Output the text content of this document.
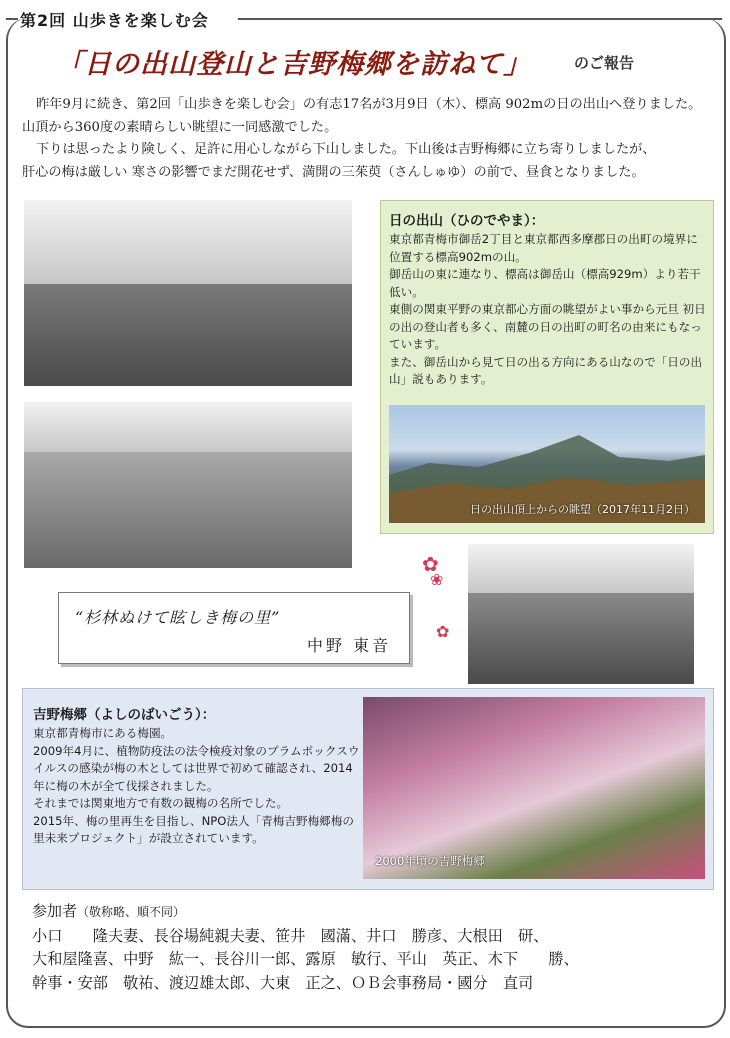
第2回 山歩きを楽しむ会
「日の出山登山と吉野梅郷を訪ねて」	のご報告

昨年9月に続き、第2回「山歩きを楽しむ会」の有志17名が3月9日（木）、標高 902mの日の出山へ登りました。

山頂から360度の素晴らしい眺望に一同感激でした。

下りは思ったより険しく、足許に用心しながら下山しました。下山後は吉野梅郷に立ち寄りしましたが、

肝心の梅は厳しい 寒さの影響でまだ開花せず、満開の三茱萸（さんしゅゆ）の前で、昼食となりました。

日の出山（ひのでやま）：

東京都青梅市御岳2丁目と東京都西多摩郡日の出町の境界に位置する標高902mの山。

御岳山の東に連なり、標高は御岳山（標高929m）より若干低い。

東側の関東平野の東京都心方面の眺望がよい事から元旦 初日の出の登山者も多く、南麓の日の出町の町名の由来にもなっています。

また、御岳山から見て日の出る方向にある山なので「日の出山」説もあります。

日の出山頂上からの眺望（2017年11月2日）
✿
❀
✿
“杉林ぬけて眩しき梅の里”
中野 東音
吉野梅郷（よしのばいごう）：

東京都青梅市にある梅園。

2009年4月に、植物防疫法の法令検疫対象のプラムポックスウイルスの感染が梅の木としては世界で初めて確認され、2014年に梅の木が全て伐採されました。

それまでは関東地方で有数の観梅の名所でした。

2015年、梅の里再生を目指し、NPO法人「青梅吉野梅郷梅の里未来プロジェクト」が設立されています。

2000年頃の吉野梅郷

参加者（敬称略、順不同）

小口　　隆夫妻、長谷場純親夫妻、笹井　國滿、井口　勝彦、大根田　研、

大和屋隆喜、中野　紘一、長谷川一郎、露原　敏行、平山　英正、木下　　勝、

幹事・安部　敬祐、渡辺雄太郎、大東　正之、ＯＢ会事務局・國分　直司
